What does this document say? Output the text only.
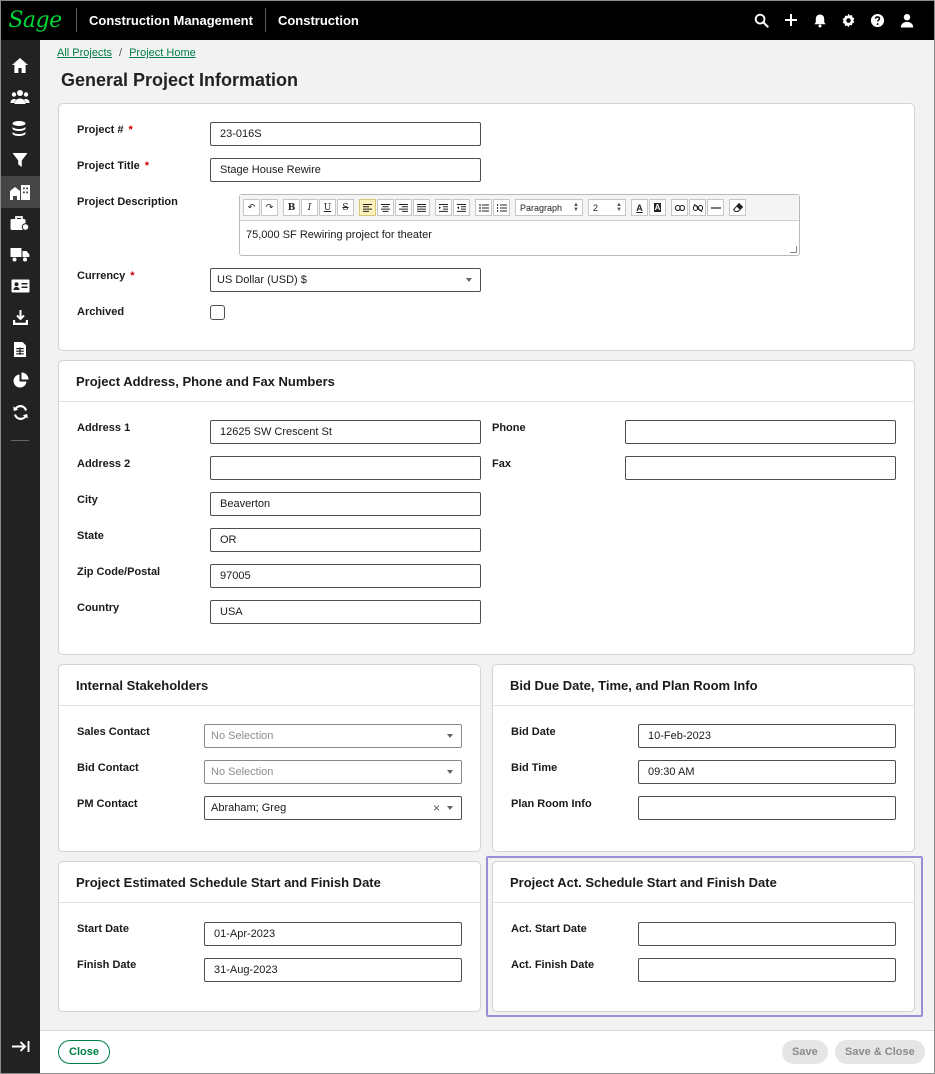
Sage	Construction Management	Construction
All Projects / Project Home
General Project Information
Project # *	23-016S
Project Title *	Stage House Rewire
Project Description	↶	↷	B	I	U	S	Paragraph ▲
▼ 2	▲
▼	A	A
75,000 SF Rewiring project for theater
Currency *	US Dollar (USD) $
Archived
Project Address, Phone and Fax Numbers
Address 1	12625 SW Crescent St
Address 2
City	Beaverton
State	OR
Zip Code/Postal	97005
Country	USA
Phone
Fax
Internal Stakeholders
Sales Contact	No Selection
Bid Contact	No Selection
PM Contact	Abraham; Greg	×
Bid Due Date, Time, and Plan Room Info
Bid Date	10-Feb-2023
Bid Time	09:30 AM
Plan Room Info
Project Estimated Schedule Start and Finish Date
Start Date	01-Apr-2023
Finish Date	31-Aug-2023
Project Act. Schedule Start and Finish Date
Act. Start Date
Act. Finish Date
Close	Save	Save & Close
